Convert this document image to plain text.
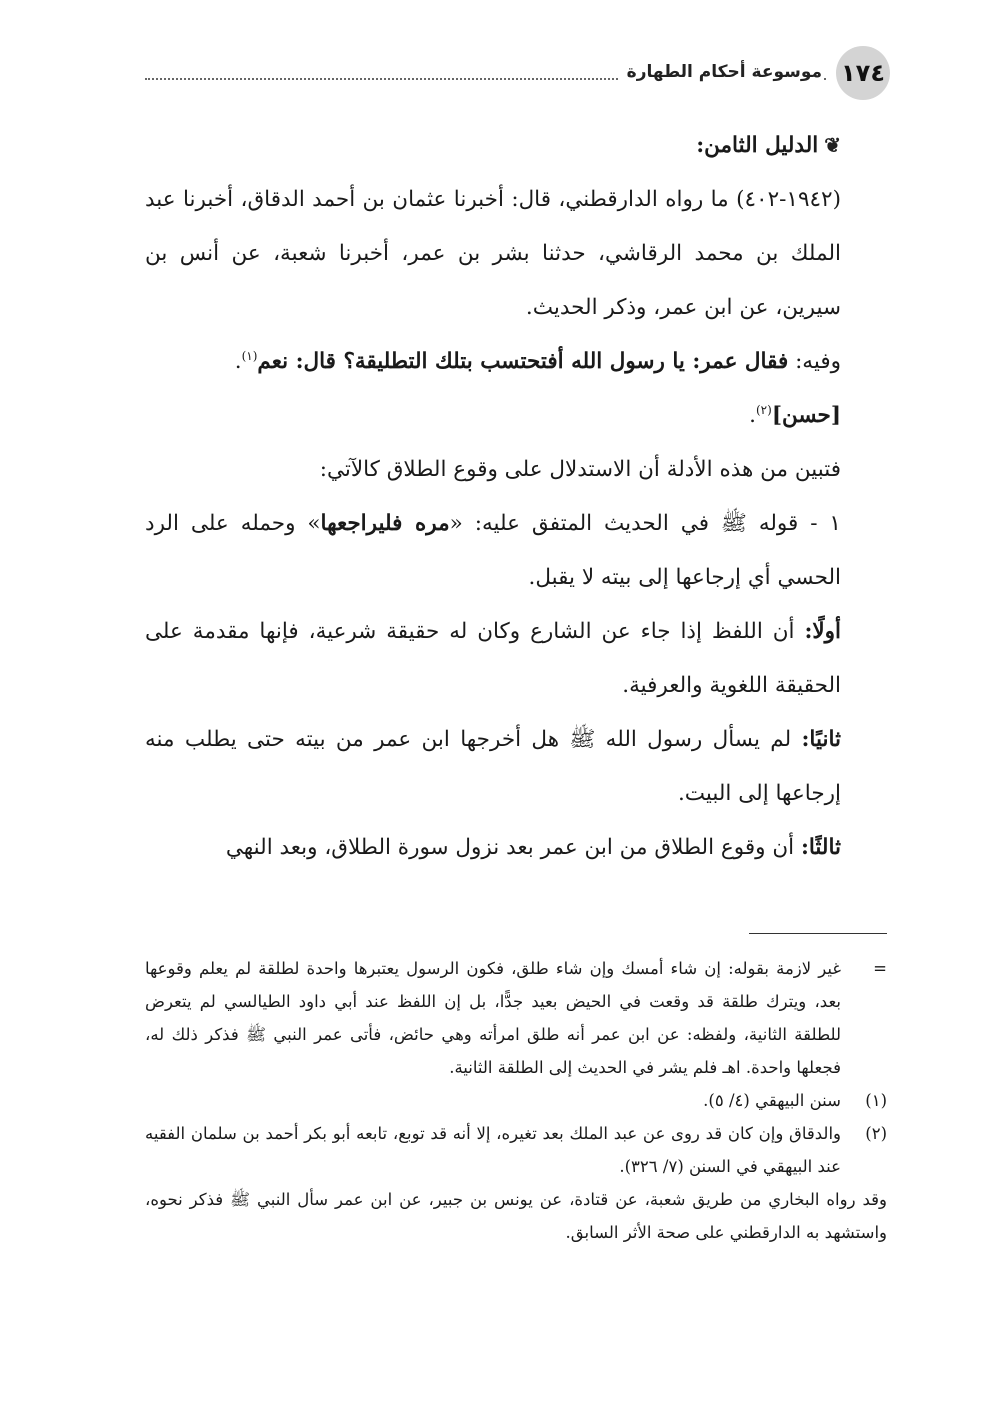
١٧٤
موسوعة أحكام الطهارة

❦الدليل الثامن:

(١٩٤٢-٤٠٢) ما رواه الدارقطني، قال: أخبرنا عثمان بن أحمد الدقاق، أخبرنا عبد الملك بن محمد الرقاشي، حدثنا بشر بن عمر، أخبرنا شعبة، عن أنس بن سيرين، عن ابن عمر، وذكر الحديث.

وفيه: فقال عمر: يا رسول الله أفتحتسب بتلك التطليقة؟ قال: نعم$^{(١)}$.

[حسن]$^{(٢)}$.

فتبين من هذه الأدلة أن الاستدلال على وقوع الطلاق كالآتي:

١ - قوله ﷺ في الحديث المتفق عليه: «مره فليراجعها» وحمله على الرد الحسي أي إرجاعها إلى بيته لا يقبل.

أولًا: أن اللفظ إذا جاء عن الشارع وكان له حقيقة شرعية، فإنها مقدمة على الحقيقة اللغوية والعرفية.

ثانيًا: لم يسأل رسول الله ﷺ هل أخرجها ابن عمر من بيته حتى يطلب منه إرجاعها إلى البيت.

ثالثًا: أن وقوع الطلاق من ابن عمر بعد نزول سورة الطلاق، وبعد النهي

=
غير لازمة بقوله: إن شاء أمسك وإن شاء طلق، فكون الرسول يعتبرها واحدة لطلقة لم يعلم وقوعها بعد، ويترك طلقة قد وقعت في الحيض بعيد جدًّا، بل إن اللفظ عند أبي داود الطيالسي لم يتعرض للطلقة الثانية، ولفظه: عن ابن عمر أنه طلق امرأته وهي حائض، فأتى عمر النبي ﷺ فذكر ذلك له، فجعلها واحدة. اهـ فلم يشر في الحديث إلى الطلقة الثانية.
(١)
سنن البيهقي (٤/ ٥).
(٢)
والدقاق وإن كان قد روى عن عبد الملك بعد تغيره، إلا أنه قد توبع، تابعه أبو بكر أحمد بن سلمان الفقيه عند البيهقي في السنن (٧/ ٣٢٦).
وقد رواه البخاري من طريق شعبة، عن قتادة، عن يونس بن جبير، عن ابن عمر سأل النبي ﷺ فذكر نحوه، واستشهد به الدارقطني على صحة الأثر السابق.
